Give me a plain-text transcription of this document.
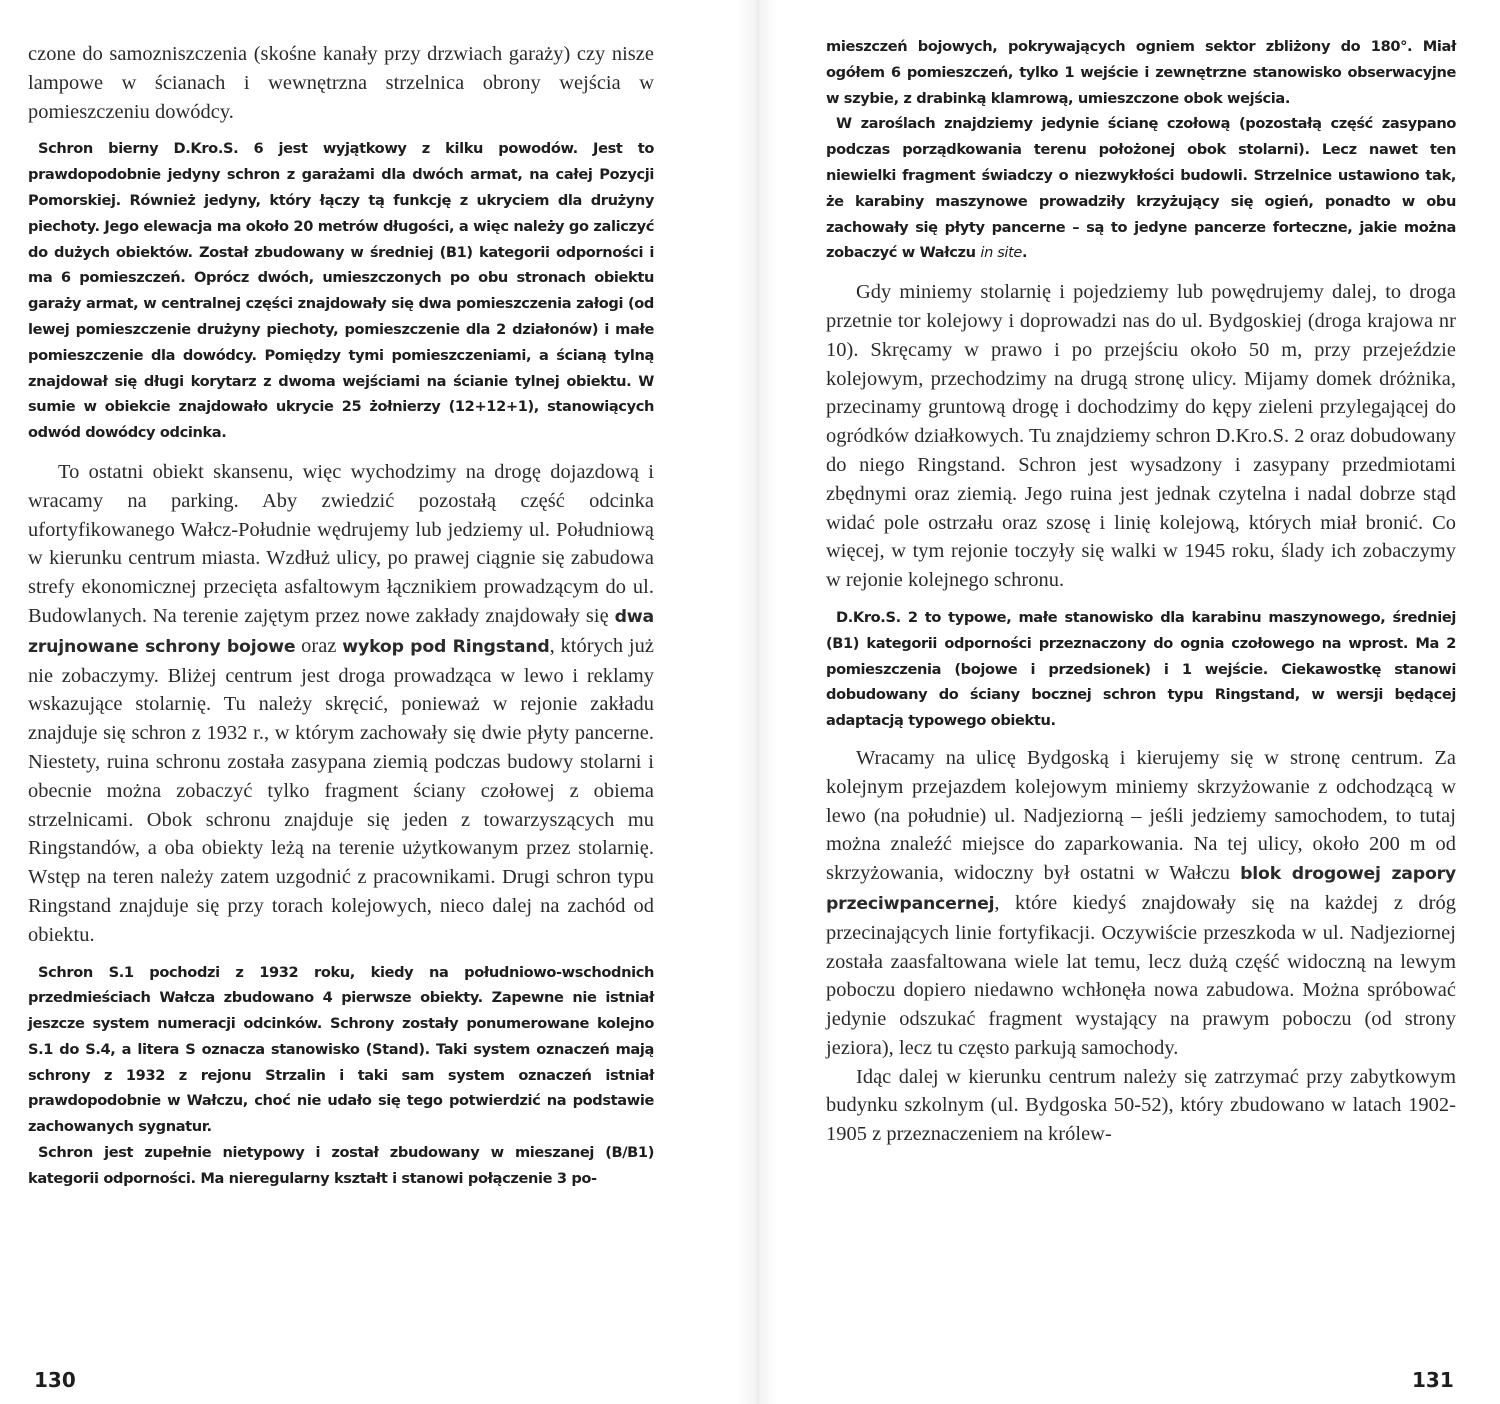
czone do samozniszczenia (skośne kanały przy drzwiach garaży) czy nisze lampowe w ścianach i wewnętrzna strzelnica obrony wejścia w pomieszczeniu dowódcy.

Schron bierny D.Kro.S. 6 jest wyjątkowy z kilku powodów. Jest to prawdopodobnie jedyny schron z garażami dla dwóch armat, na całej Pozycji Pomorskiej. Również jedyny, który łączy tą funkcję z ukryciem dla drużyny piechoty. Jego elewacja ma około 20 metrów długości, a więc należy go zaliczyć do dużych obiektów. Został zbudowany w średniej (B1) kategorii odporności i ma 6 pomieszczeń. Oprócz dwóch, umieszczonych po obu stronach obiektu garaży armat, w centralnej części znajdowały się dwa pomieszczenia załogi (od lewej pomieszczenie drużyny piechoty, pomieszczenie dla 2 działonów) i małe pomieszczenie dla dowódcy. Pomiędzy tymi pomieszczeniami, a ścianą tylną znajdował się długi korytarz z dwoma wejściami na ścianie tylnej obiektu. W sumie w obiekcie znajdowało ukrycie 25 żołnierzy (12+12+1), stanowiących odwód dowódcy odcinka.

To ostatni obiekt skansenu, więc wychodzimy na drogę dojazdową i wracamy na parking. Aby zwiedzić pozostałą część odcinka ufortyfikowanego Wałcz-Południe wędrujemy lub jedziemy ul. Południową w kierunku centrum miasta. Wzdłuż ulicy, po prawej ciągnie się zabudowa strefy ekonomicznej przecięta asfaltowym łącznikiem prowadzącym do ul. Budowlanych. Na terenie zajętym przez nowe zakłady znajdowały się dwa zrujnowane schrony bojowe oraz wykop pod Ringstand, których już nie zobaczymy. Bliżej centrum jest droga prowadząca w lewo i reklamy wskazujące stolarnię. Tu należy skręcić, ponieważ w rejonie zakładu znajduje się schron z 1932 r., w którym zachowały się dwie płyty pancerne. Niestety, ruina schronu została zasypana ziemią podczas budowy stolarni i obecnie można zobaczyć tylko fragment ściany czołowej z obiema strzelnicami. Obok schronu znajduje się jeden z towarzyszących mu Ringstandów, a oba obiekty leżą na terenie użytkowanym przez stolarnię. Wstęp na teren należy zatem uzgodnić z pracownikami. Drugi schron typu Ringstand znajduje się przy torach kolejowych, nieco dalej na zachód od obiektu.

Schron S.1 pochodzi z 1932 roku, kiedy na południowo-wschodnich przedmieściach Wałcza zbudowano 4 pierwsze obiekty. Zapewne nie istniał jeszcze system numeracji odcinków. Schrony zostały ponumerowane kolejno S.1 do S.4, a litera S oznacza stanowisko (Stand). Taki system oznaczeń mają schrony z 1932 z rejonu Strzalin i taki sam system oznaczeń istniał prawdopodobnie w Wałczu, choć nie udało się tego potwierdzić na podstawie zachowanych sygnatur.

Schron jest zupełnie nietypowy i został zbudowany w mieszanej (B/B1) kategorii odporności. Ma nieregularny kształt i stanowi połączenie 3 po-

mieszczeń bojowych, pokrywających ogniem sektor zbliżony do 180°. Miał ogółem 6 pomieszczeń, tylko 1 wejście i zewnętrzne stanowisko obserwacyjne w szybie, z drabinką klamrową, umieszczone obok wejścia.

W zaroślach znajdziemy jedynie ścianę czołową (pozostałą część zasypano podczas porządkowania terenu położonej obok stolarni). Lecz nawet ten niewielki fragment świadczy o niezwykłości budowli. Strzelnice ustawiono tak, że karabiny maszynowe prowadziły krzyżujący się ogień, ponadto w obu zachowały się płyty pancerne – są to jedyne pancerze forteczne, jakie można zobaczyć w Wałczu in site.

Gdy miniemy stolarnię i pojedziemy lub powędrujemy dalej, to droga przetnie tor kolejowy i doprowadzi nas do ul. Bydgoskiej (droga krajowa nr 10). Skręcamy w prawo i po przejściu około 50 m, przy przejeździe kolejowym, przechodzimy na drugą stronę ulicy. Mijamy domek dróżnika, przecinamy gruntową drogę i dochodzimy do kępy zieleni przylegającej do ogródków działkowych. Tu znajdziemy schron D.Kro.S. 2 oraz dobudowany do niego Ringstand. Schron jest wysadzony i zasypany przedmiotami zbędnymi oraz ziemią. Jego ruina jest jednak czytelna i nadal dobrze stąd widać pole ostrzału oraz szosę i linię kolejową, których miał bronić. Co więcej, w tym rejonie toczyły się walki w 1945 roku, ślady ich zobaczymy w rejonie kolejnego schronu.

D.Kro.S. 2 to typowe, małe stanowisko dla karabinu maszynowego, średniej (B1) kategorii odporności przeznaczony do ognia czołowego na wprost. Ma 2 pomieszczenia (bojowe i przedsionek) i 1 wejście. Ciekawostkę stanowi dobudowany do ściany bocznej schron typu Ringstand, w wersji będącej adaptacją typowego obiektu.

Wracamy na ulicę Bydgoską i kierujemy się w stronę centrum. Za kolejnym przejazdem kolejowym miniemy skrzyżowanie z odchodzącą w lewo (na południe) ul. Nadjeziorną – jeśli jedziemy samochodem, to tutaj można znaleźć miejsce do zaparkowania. Na tej ulicy, około 200 m od skrzyżowania, widoczny był ostatni w Wałczu blok drogowej zapory przeciwpancernej, które kiedyś znajdowały się na każdej z dróg przecinających linie fortyfikacji. Oczywiście przeszkoda w ul. Nadjeziornej została zaasfaltowana wiele lat temu, lecz dużą część widoczną na lewym poboczu dopiero niedawno wchłonęła nowa zabudowa. Można spróbować jedynie odszukać fragment wystający na prawym poboczu (od strony jeziora), lecz tu często parkują samochody.

Idąc dalej w kierunku centrum należy się zatrzymać przy zabytkowym budynku szkolnym (ul. Bydgoska 50-52), który zbudowano w latach 1902-1905 z przeznaczeniem na królew-

130	131
